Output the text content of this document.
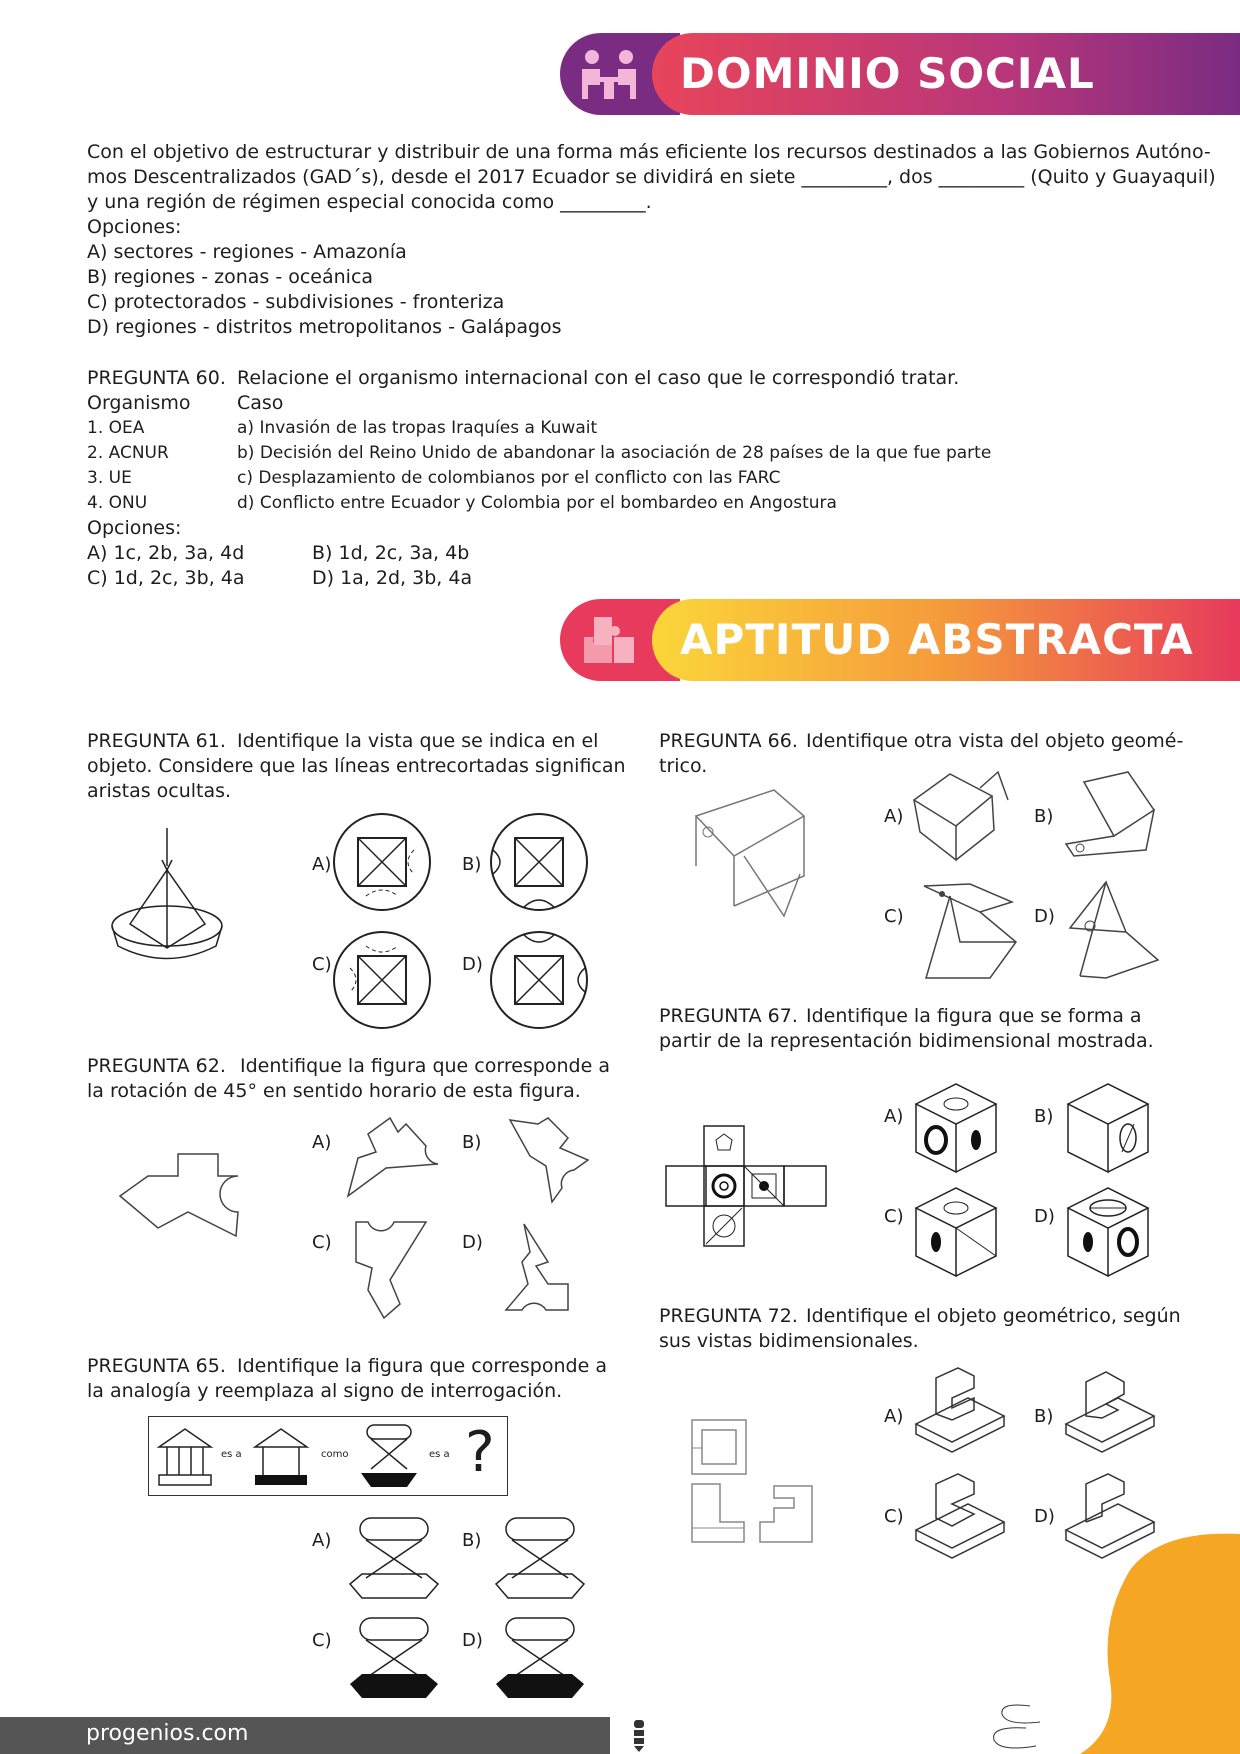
DOMINIO SOCIAL
Con el objetivo de estructurar y distribuir de una forma más eficiente los recursos destinados a las Gobiernos Autóno-
mos Descentralizados (GAD´s), desde el 2017 Ecuador se dividirá en siete _________, dos _________ (Quito y Guayaquil)
y una región de régimen especial conocida como _________.
Opciones:
A) sectores - regiones - Amazonía
B) regiones - zonas - oceánica
C) protectorados - subdivisiones - fronteriza
D) regiones - distritos metropolitanos - Galápagos
PREGUNTA 60. Relacione el organismo internacional con el caso que le correspondió tratar.
Organismo Caso
1. OEA	a) Invasión de las tropas Iraquíes a Kuwait
2. ACNUR	b) Decisión del Reino Unido de abandonar la asociación de 28 países de la que fue parte
3. UE	c) Desplazamiento de colombianos por el conflicto con las FARC
4. ONU	d) Conflicto entre Ecuador y Colombia por el bombardeo en Angostura
Opciones:
A) 1c, 2b, 3a, 4d	B) 1d, 2c, 3a, 4b
C) 1d, 2c, 3b, 4a	D) 1a, 2d, 3b, 4a
APTITUD ABSTRACTA
PREGUNTA 61. Identifique la vista que se indica en el
objeto. Considere que las líneas entrecortadas significan
aristas ocultas.
A)	B)
C)	D)
PREGUNTA 62. Identifique la figura que corresponde a
la rotación de 45° en sentido horario de esta figura.
A)	B)
C)	D)
PREGUNTA 65. Identifique la figura que corresponde a
la analogía y reemplaza al signo de interrogación.
es a	como	es a ?
A)	B)
C)	D)
PREGUNTA 66. Identifique otra vista del objeto geomé-
trico.
A)	B)
C)	D)
PREGUNTA 67. Identifique la figura que se forma a
partir de la representación bidimensional mostrada.
A)	B)
C)	D)
PREGUNTA 72. Identifique el objeto geométrico, según
sus vistas bidimensionales.
A)	B)
C)	D)
progenios.com
